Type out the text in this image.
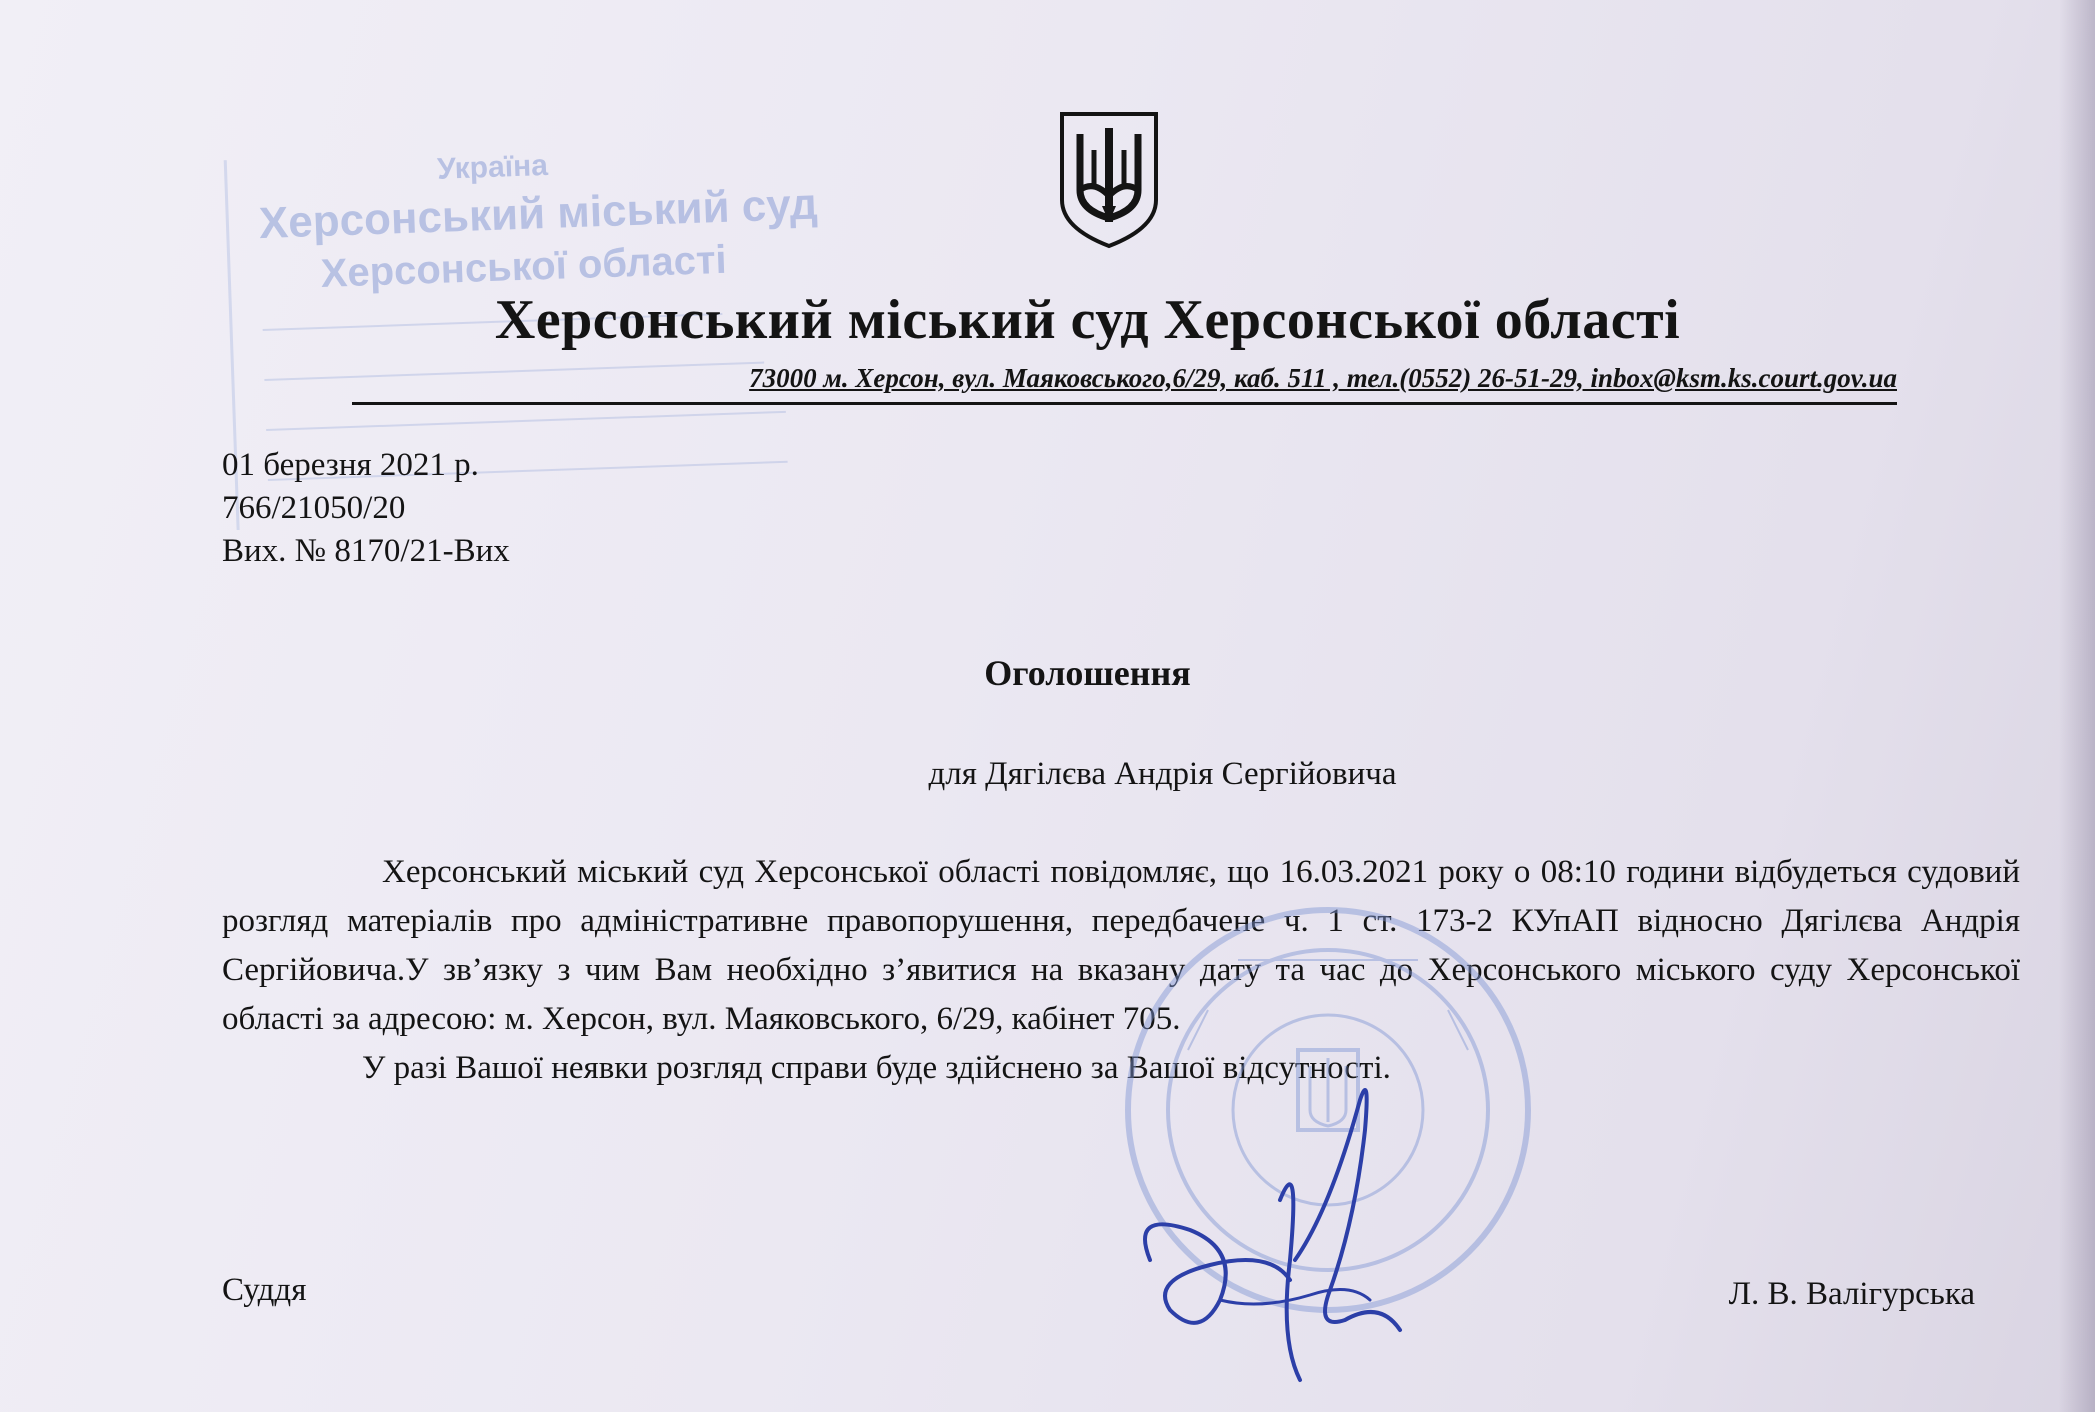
Україна
Херсонський міський суд
Херсонської області
Херсонський міський суд Херсонської області
73000 м. Херсон, вул. Маяковського,6/29, каб. 511 , тел.(0552) 26-51-29, inbox@ksm.ks.court.gov.ua
01 березня 2021 р.
766/21050/20
Вих. № 8170/21-Вих
Оголошення
для Дягілєва Андрія Сергійовича

Херсонський міський суд Херсонської області повідомляє, що 16.03.2021 року о 08:10 години відбудеться судовий розгляд матеріалів про адміністративне правопорушення, передбачене ч. 1 ст. 173-2 КУпАП відносно Дягілєва Андрія Сергійовича.У зв’язку з чим Вам необхідно з’явитися на вказану дату та час до Херсонського міського суду Херсонської області за адресою: м. Херсон, вул. Маяковського, 6/29, кабінет 705.

У разі Вашої неявки розгляд справи буде здійснено за Вашої відсутності.

Суддя	Л. В. Валігурська
